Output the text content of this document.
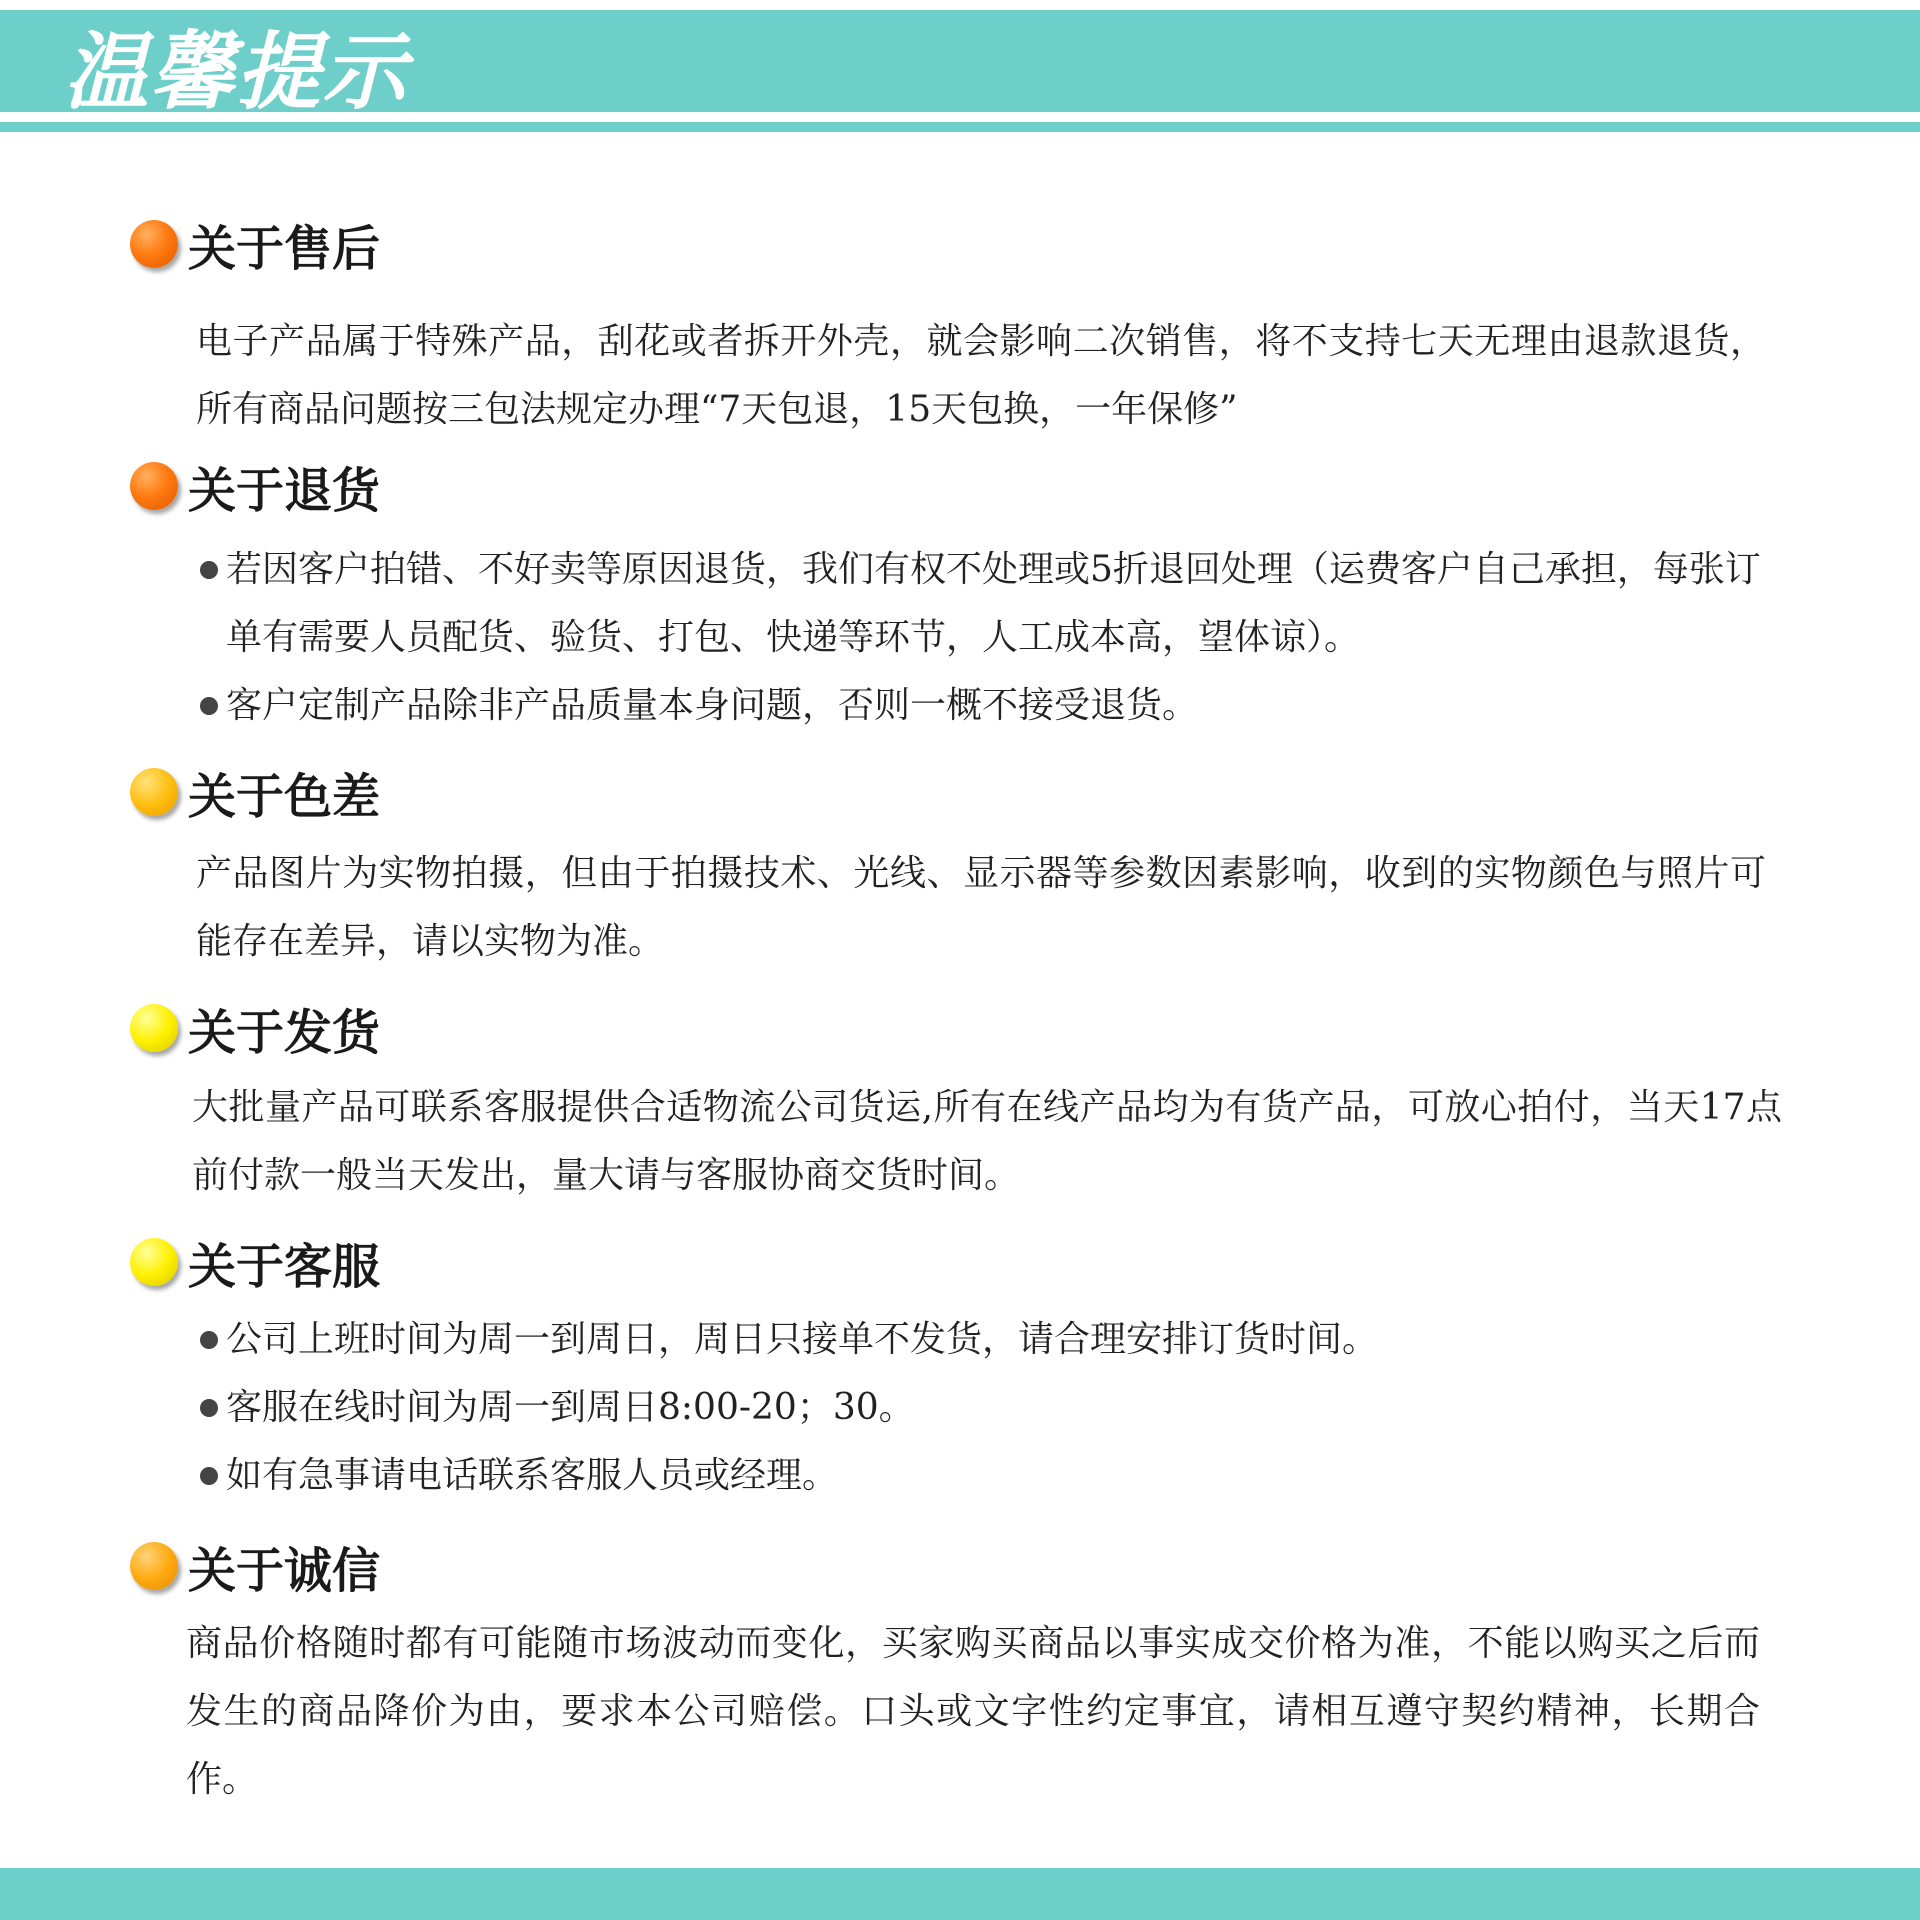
温馨提示
关于售后
电子产品属于特殊产品，刮花或者拆开外壳，就会影响二次销售，将不支持七天无理由退款退货，所有商品问题按三包法规定办理“7天包退，15天包换，一年保修”
关于退货
若因客户拍错、不好卖等原因退货，我们有权不处理或5折退回处理（运费客户自己承担，每张订单有需要人员配货、验货、打包、快递等环节，人工成本高，望体谅）。
客户定制产品除非产品质量本身问题，否则一概不接受退货。
关于色差
产品图片为实物拍摄，但由于拍摄技术、光线、显示器等参数因素影响，收到的实物颜色与照片可能存在差异，请以实物为准。
关于发货
大批量产品可联系客服提供合适物流公司货运,所有在线产品均为有货产品，可放心拍付，当天17点前付款一般当天发出，量大请与客服协商交货时间。
关于客服
公司上班时间为周一到周日，周日只接单不发货，请合理安排订货时间。
客服在线时间为周一到周日8:00-20；30。
如有急事请电话联系客服人员或经理。
关于诚信
商品价格随时都有可能随市场波动而变化，买家购买商品以事实成交价格为准，不能以购买之后而发生的商品降价为由，要求本公司赔偿。口头或文字性约定事宜，请相互遵守契约精神，长期合作。
